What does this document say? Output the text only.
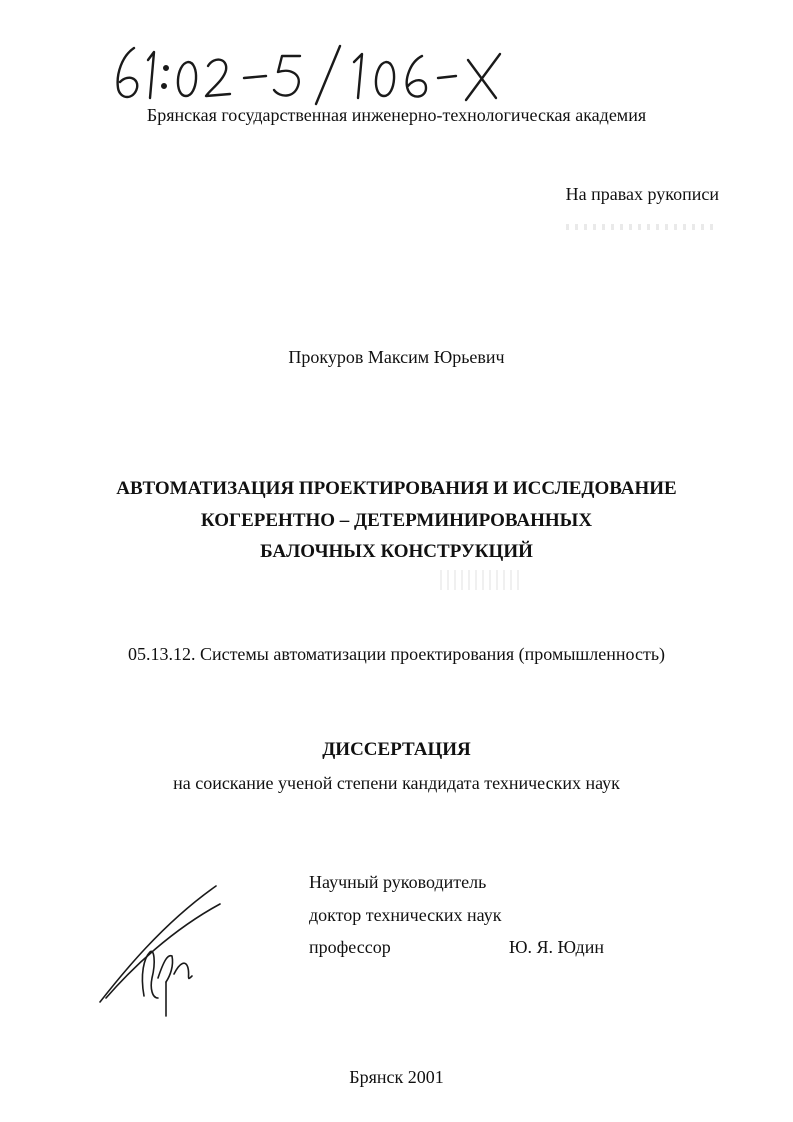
61:02-5/106-X	Брянская государственная инженерно-технологическая академия
На правах рукописи
Прокуров Максим Юрьевич
АВТОМАТИЗАЦИЯ ПРОЕКТИРОВАНИЯ И ИССЛЕДОВАНИЕ
КОГЕРЕНТНО – ДЕТЕРМИНИРОВАННЫХ
БАЛОЧНЫХ КОНСТРУКЦИЙ
05.13.12. Системы автоматизации проектирования (промышленность)
ДИССЕРТАЦИЯ
на соискание ученой степени кандидата технических наук
Научный руководитель
доктор технических наук
профессор	Ю. Я. Юдин
Брянск 2001
